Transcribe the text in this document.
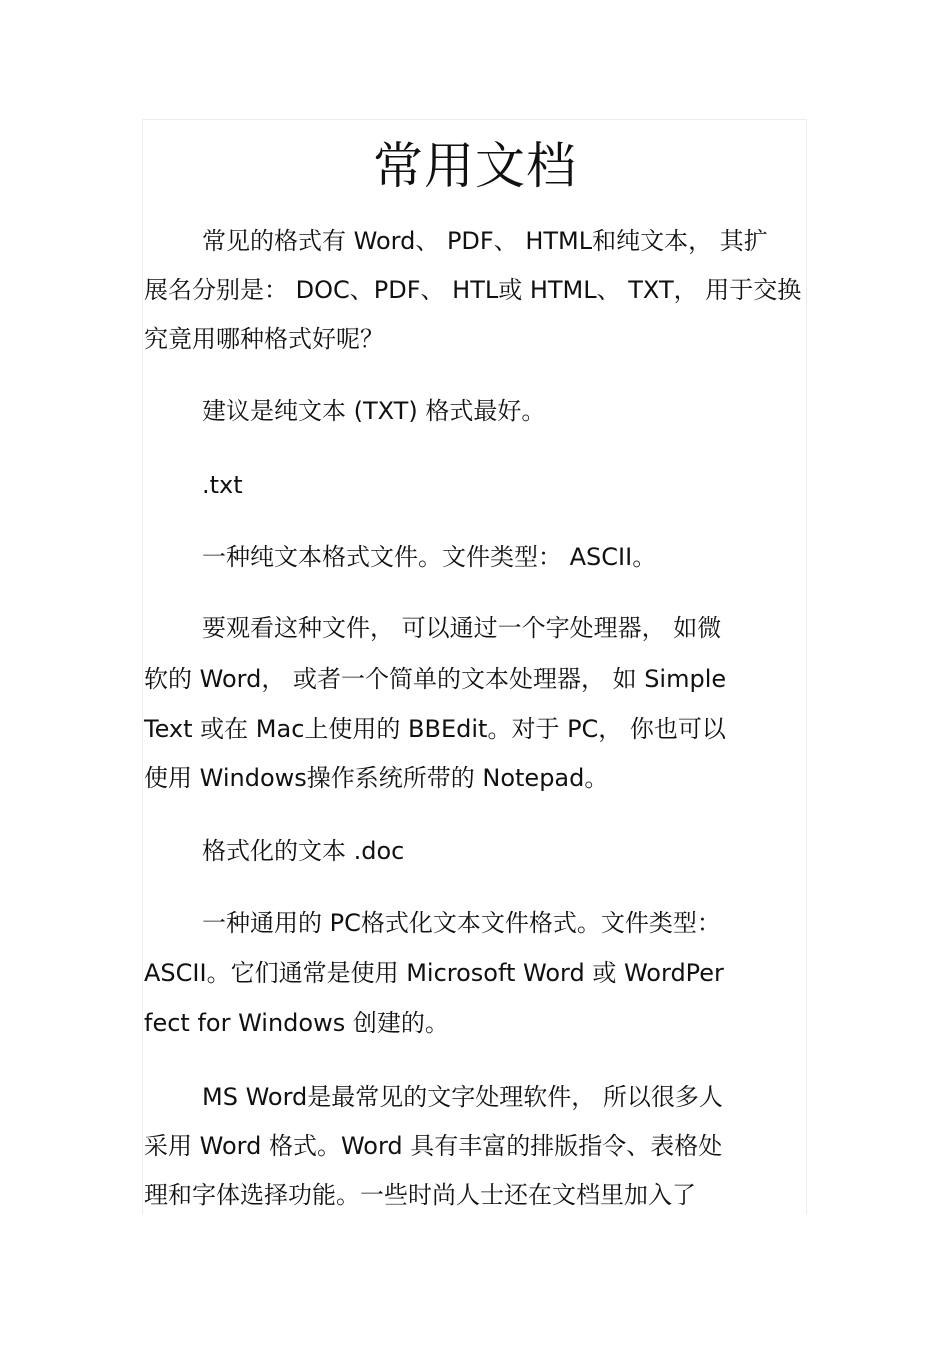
常用文档

常见的格式有 Word、 PDF、 HTML和纯文本， 其扩

展名分别是： DOC、PDF、 HTL或 HTML、 TXT， 用于交换

究竟用哪种格式好呢？

建议是纯文本 (TXT) 格式最好。

.txt

一种纯文本格式文件。文件类型： ASCII。

要观看这种文件， 可以通过一个字处理器， 如微

软的 Word， 或者一个简单的文本处理器， 如 Simple

Text 或在 Mac上使用的 BBEdit。对于 PC， 你也可以

使用 Windows操作系统所带的 Notepad。

格式化的文本 .doc

一种通用的 PC格式化文本文件格式。文件类型：

ASCII。它们通常是使用 Microsoft Word 或 WordPer

fect for Windows 创建的。

MS Word是最常见的文字处理软件， 所以很多人

采用 Word 格式。Word 具有丰富的排版指令、表格处

理和字体选择功能。一些时尚人士还在文档里加入了
